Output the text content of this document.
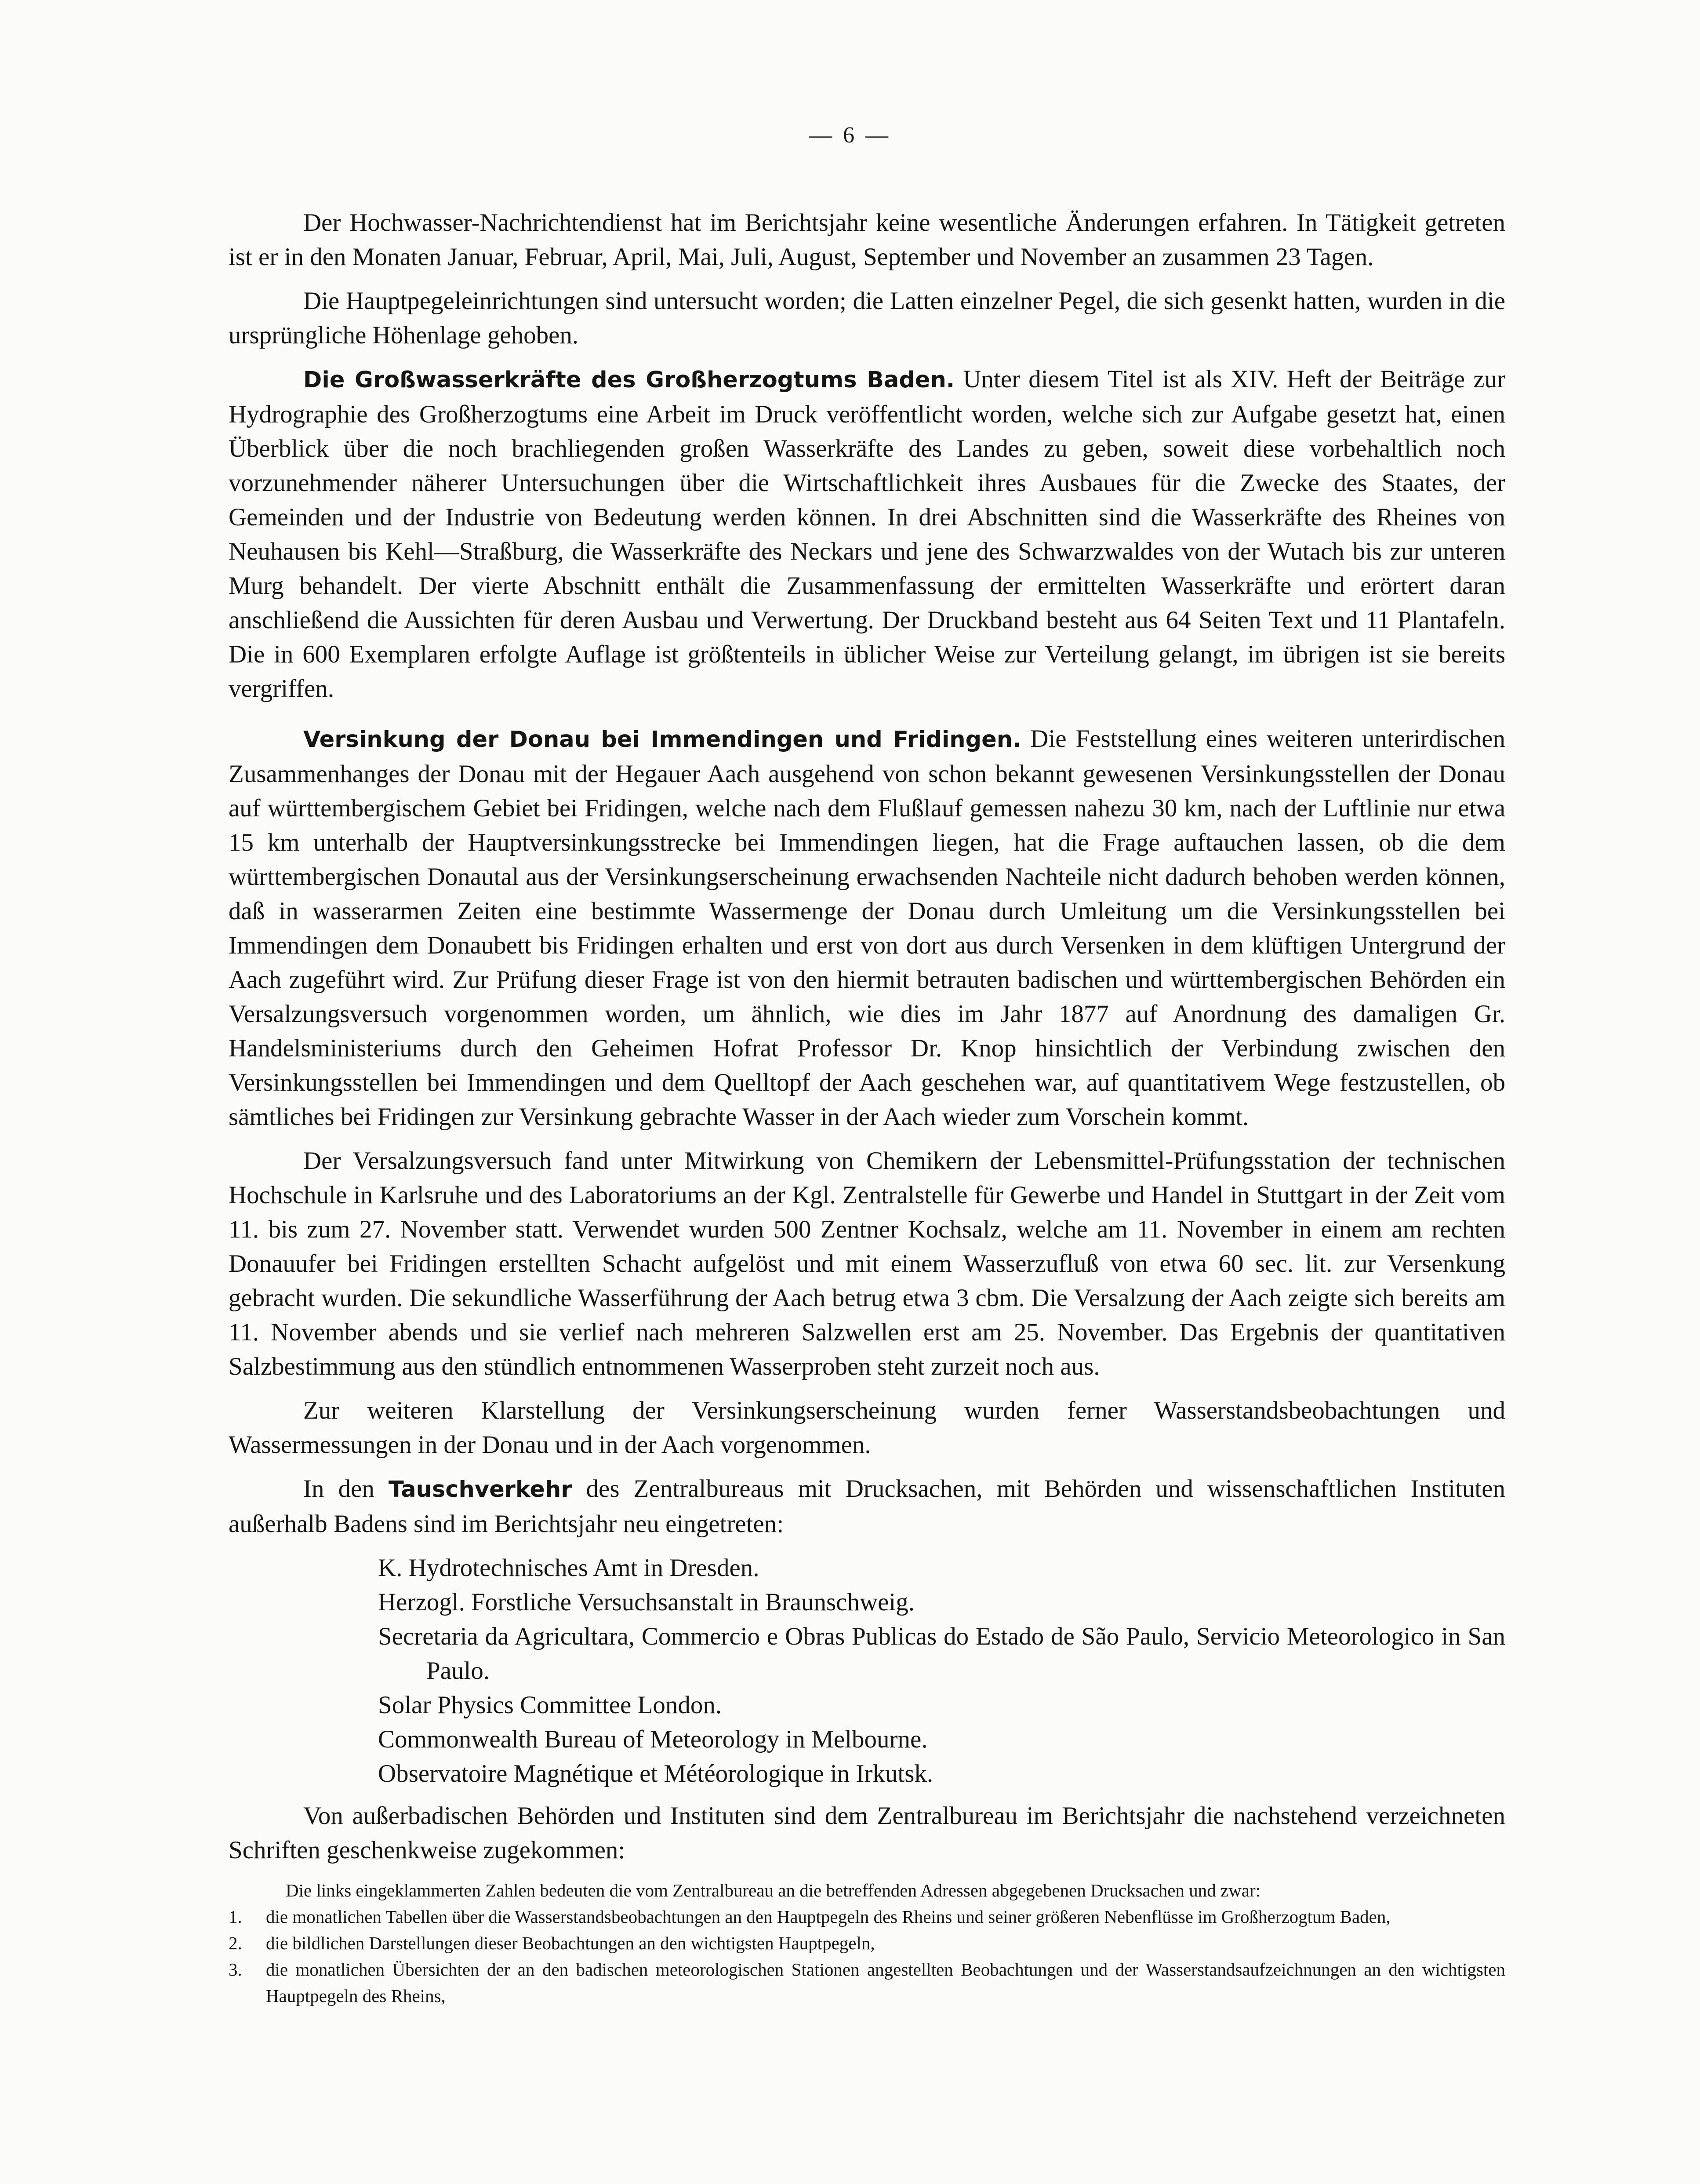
— 6 —

Der Hochwasser-Nachrichtendienst hat im Berichtsjahr keine wesentliche Änderungen erfahren. In Tätigkeit getreten ist er in den Monaten Januar, Februar, April, Mai, Juli, August, September und November an zusammen 23 Tagen.

Die Hauptpegeleinrichtungen sind untersucht worden; die Latten einzelner Pegel, die sich gesenkt hatten, wurden in die ursprüngliche Höhenlage gehoben.

Die Großwasserkräfte des Großherzogtums Baden. Unter diesem Titel ist als XIV. Heft der Beiträge zur Hydrographie des Großherzogtums eine Arbeit im Druck veröffentlicht worden, welche sich zur Aufgabe gesetzt hat, einen Überblick über die noch brachliegenden großen Wasserkräfte des Landes zu geben, soweit diese vorbehaltlich noch vorzunehmender näherer Untersuchungen über die Wirtschaftlichkeit ihres Ausbaues für die Zwecke des Staates, der Gemeinden und der Industrie von Bedeutung werden können. In drei Abschnitten sind die Wasserkräfte des Rheines von Neuhausen bis Kehl—Straßburg, die Wasserkräfte des Neckars und jene des Schwarzwaldes von der Wutach bis zur unteren Murg behandelt. Der vierte Abschnitt enthält die Zusammenfassung der ermittelten Wasserkräfte und erörtert daran anschließend die Aussichten für deren Ausbau und Verwertung. Der Druckband besteht aus 64 Seiten Text und 11 Plantafeln. Die in 600 Exemplaren erfolgte Auflage ist größtenteils in üblicher Weise zur Verteilung gelangt, im übrigen ist sie bereits vergriffen.

Versinkung der Donau bei Immendingen und Fridingen. Die Feststellung eines weiteren unterirdischen Zusammenhanges der Donau mit der Hegauer Aach ausgehend von schon bekannt gewesenen Versinkungsstellen der Donau auf württembergischem Gebiet bei Fridingen, welche nach dem Flußlauf gemessen nahezu 30 km, nach der Luftlinie nur etwa 15 km unterhalb der Hauptversinkungsstrecke bei Immendingen liegen, hat die Frage auftauchen lassen, ob die dem württembergischen Donautal aus der Versinkungserscheinung erwachsenden Nachteile nicht dadurch behoben werden können, daß in wasserarmen Zeiten eine bestimmte Wassermenge der Donau durch Umleitung um die Versinkungsstellen bei Immendingen dem Donaubett bis Fridingen erhalten und erst von dort aus durch Versenken in dem klüftigen Untergrund der Aach zugeführt wird. Zur Prüfung dieser Frage ist von den hiermit betrauten badischen und württembergischen Behörden ein Versalzungsversuch vorgenommen worden, um ähnlich, wie dies im Jahr 1877 auf Anordnung des damaligen Gr. Handelsministeriums durch den Geheimen Hofrat Professor Dr. Knop hinsichtlich der Verbindung zwischen den Versinkungsstellen bei Immendingen und dem Quelltopf der Aach geschehen war, auf quantitativem Wege festzustellen, ob sämtliches bei Fridingen zur Versinkung gebrachte Wasser in der Aach wieder zum Vorschein kommt.

Der Versalzungsversuch fand unter Mitwirkung von Chemikern der Lebensmittel-Prüfungsstation der technischen Hochschule in Karlsruhe und des Laboratoriums an der Kgl. Zentralstelle für Gewerbe und Handel in Stuttgart in der Zeit vom 11. bis zum 27. November statt. Verwendet wurden 500 Zentner Kochsalz, welche am 11. November in einem am rechten Donauufer bei Fridingen erstellten Schacht aufgelöst und mit einem Wasserzufluß von etwa 60 sec. lit. zur Versenkung gebracht wurden. Die sekundliche Wasserführung der Aach betrug etwa 3 cbm. Die Versalzung der Aach zeigte sich bereits am 11. November abends und sie verlief nach mehreren Salzwellen erst am 25. November. Das Ergebnis der quantitativen Salzbestimmung aus den stündlich entnommenen Wasserproben steht zurzeit noch aus.

Zur weiteren Klarstellung der Versinkungserscheinung wurden ferner Wasserstandsbeobachtungen und Wassermessungen in der Donau und in der Aach vorgenommen.

In den Tauschverkehr des Zentralbureaus mit Drucksachen, mit Behörden und wissenschaftlichen Instituten außerhalb Badens sind im Berichtsjahr neu eingetreten:

K. Hydrotechnisches Amt in Dresden.
Herzogl. Forstliche Versuchsanstalt in Braunschweig.
Secretaria da Agricultara, Commercio e Obras Publicas do Estado de São Paulo, Servicio Meteorologico in San Paulo.
Solar Physics Committee London.
Commonwealth Bureau of Meteorology in Melbourne.
Observatoire Magnétique et Météorologique in Irkutsk.

Von außerbadischen Behörden und Instituten sind dem Zentralbureau im Berichtsjahr die nachstehend verzeichneten Schriften geschenkweise zugekommen:

Die links eingeklammerten Zahlen bedeuten die vom Zentralbureau an die betreffenden Adressen abgegebenen Drucksachen und zwar:

1. die monatlichen Tabellen über die Wasserstandsbeobachtungen an den Hauptpegeln des Rheins und seiner größeren Nebenflüsse im Großherzogtum Baden,
2. die bildlichen Darstellungen dieser Beobachtungen an den wichtigsten Hauptpegeln,
3. die monatlichen Übersichten der an den badischen meteorologischen Stationen angestellten Beobachtungen und der Wasserstandsaufzeichnungen an den wichtigsten Hauptpegeln des Rheins,
